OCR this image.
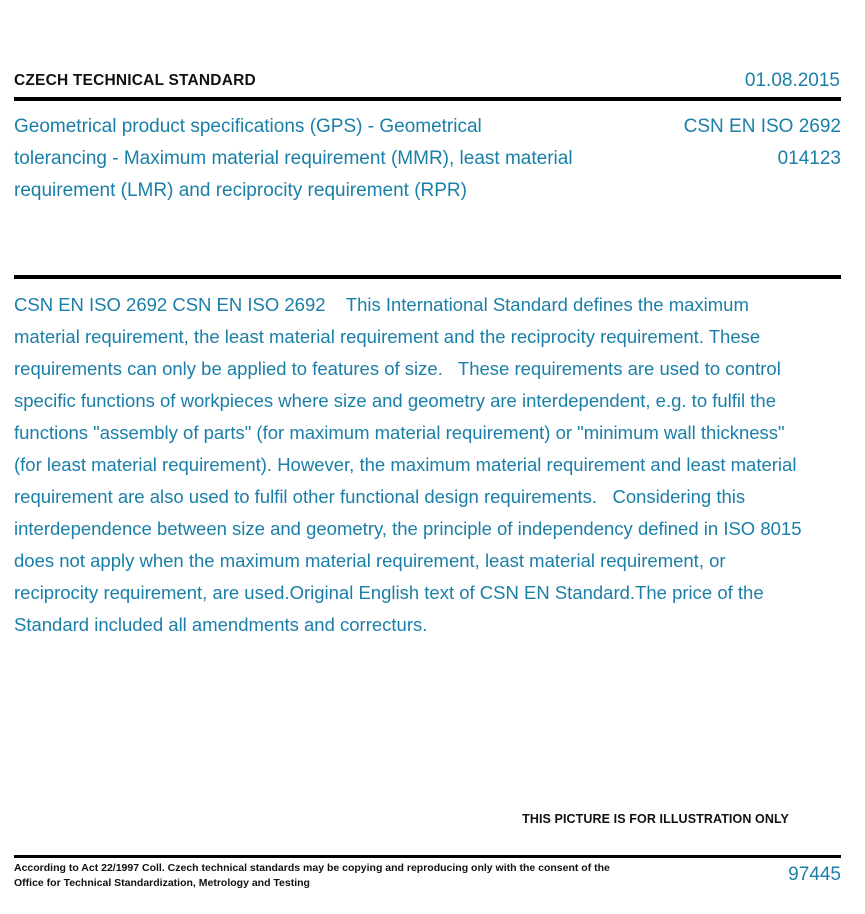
CZECH TECHNICAL STANDARD	01.08.2015
Geometrical product specifications (GPS) - Geometrical tolerancing - Maximum material requirement (MMR), least material requirement (LMR) and reciprocity requirement (RPR)
CSN EN ISO 2692
014123
CSN EN ISO 2692 CSN EN ISO 2692    This International Standard defines the maximum material requirement, the least material requirement and the reciprocity requirement. These requirements can only be applied to features of size.   These requirements are used to control specific functions of workpieces where size and geometry are interdependent, e.g. to fulfil the functions "assembly of parts" (for maximum material requirement) or "minimum wall thickness" (for least material requirement). However, the maximum material requirement and least material requirement are also used to fulfil other functional design requirements.   Considering this interdependence between size and geometry, the principle of independency defined in ISO 8015 does not apply when the maximum material requirement, least material requirement, or reciprocity requirement, are used.Original English text of CSN EN Standard.The price of the Standard included all amendments and correcturs.
THIS PICTURE IS FOR ILLUSTRATION ONLY
According to Act 22/1997 Coll. Czech technical standards may be copying and reproducing only with the consent of the Office for Technical Standardization, Metrology and Testing	97445
